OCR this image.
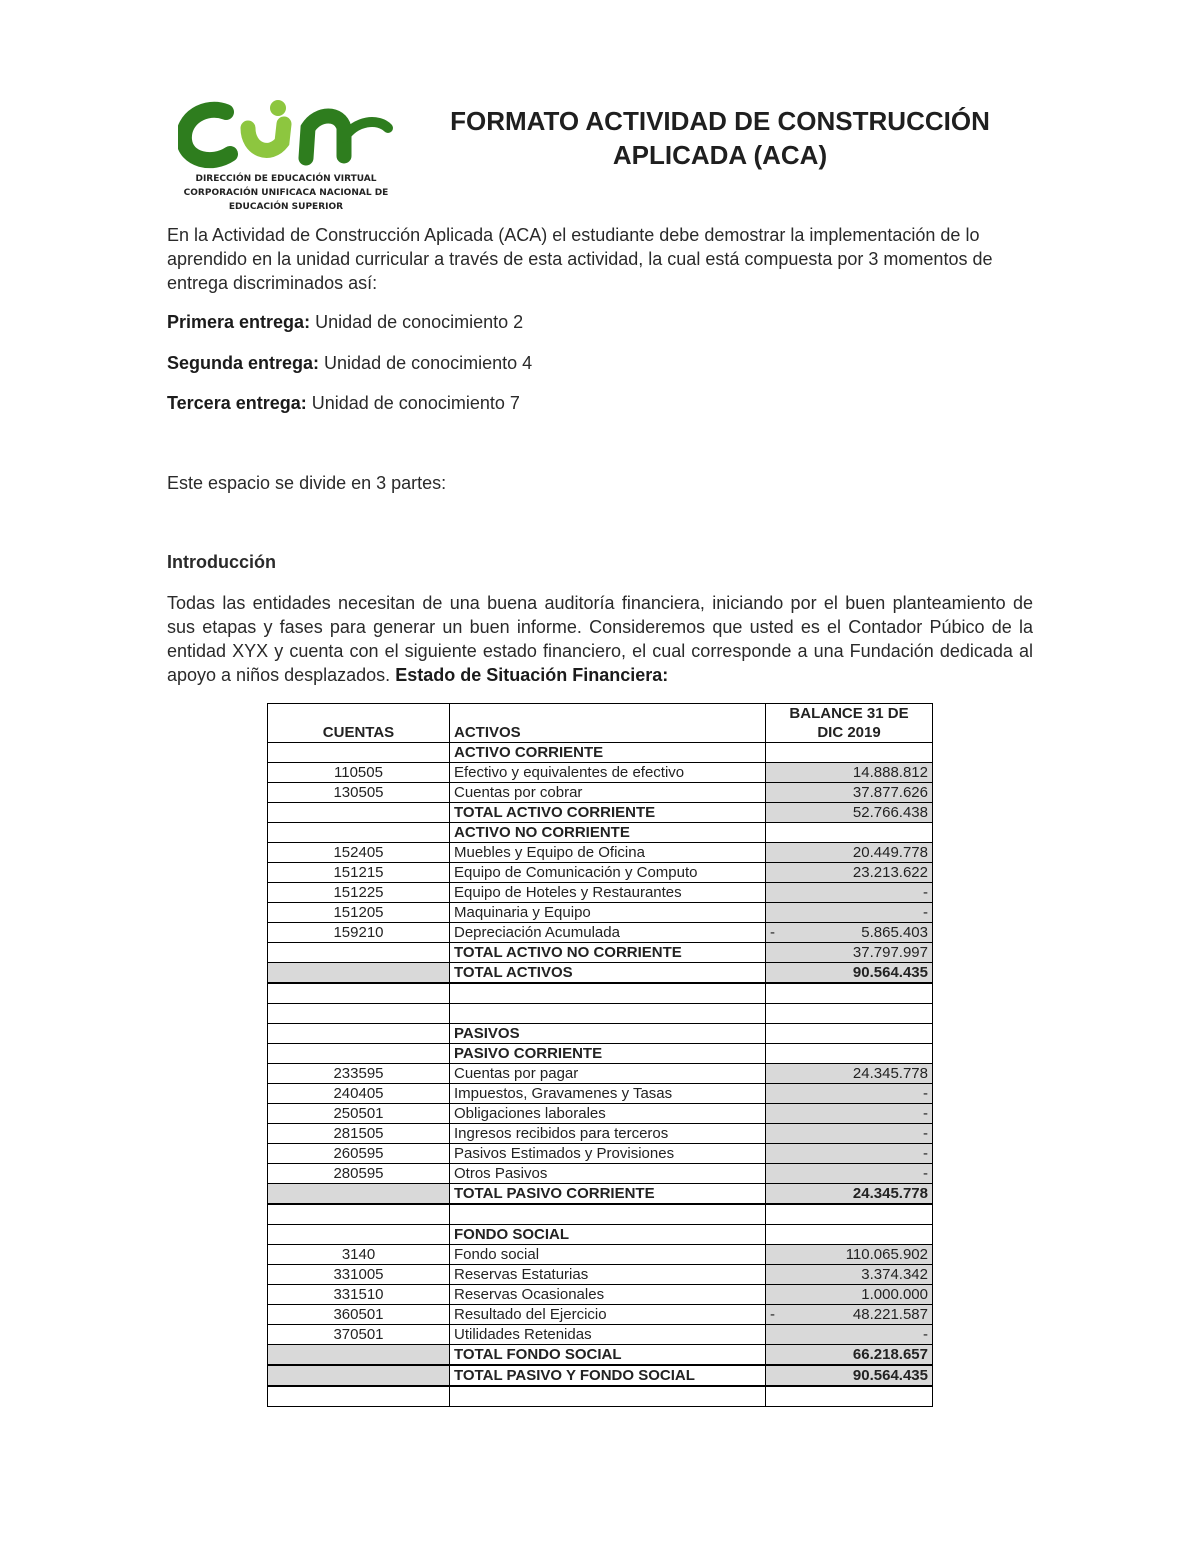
DIRECCIÓN DE EDUCACIÓN VIRTUAL
CORPORACIÓN UNIFICACA NACIONAL DE
EDUCACIÓN SUPERIOR
FORMATO ACTIVIDAD DE CONSTRUCCIÓN
APLICADA (ACA)
En la Actividad de Construcción Aplicada (ACA) el estudiante debe demostrar la implementación de lo aprendido en la unidad curricular a través de esta actividad, la cual está compuesta por 3 momentos de entrega discriminados así:
Primera entrega: Unidad de conocimiento 2
Segunda entrega: Unidad de conocimiento 4
Tercera entrega: Unidad de conocimiento 7
Este espacio se divide en 3 partes:
Introducción
Todas las entidades necesitan de una buena auditoría financiera, iniciando por el buen planteamiento de sus etapas y fases para generar un buen informe. Consideremos que usted es el Contador Púbico de la entidad XYX y cuenta con el siguiente estado financiero, el cual corresponde a una Fundación dedicada al apoyo a niños desplazados. Estado de Situación Financiera:
CUENTAS	ACTIVOS	BALANCE 31 DE
DIC 2019

	ACTIVO CORRIENTE	
110505	Efectivo y equivalentes de efectivo	14.888.812
130505	Cuentas por cobrar	37.877.626
	TOTAL ACTIVO CORRIENTE	52.766.438
	ACTIVO NO CORRIENTE	
152405	Muebles y Equipo de Oficina	20.449.778
151215	Equipo de Comunicación y Computo	23.213.622
151225	Equipo de Hoteles y Restaurantes	-
151205	Maquinaria y Equipo	-
159210	Depreciación Acumulada	- 5.865.403
	TOTAL ACTIVO NO CORRIENTE	37.797.997
	TOTAL ACTIVOS	90.564.435

	PASIVOS	
	PASIVO CORRIENTE	
233595	Cuentas por pagar	24.345.778
240405	Impuestos, Gravamenes y Tasas	-
250501	Obligaciones laborales	-
281505	Ingresos recibidos para terceros	-
260595	Pasivos Estimados y Provisiones	-
280595	Otros Pasivos	-
	TOTAL PASIVO CORRIENTE	24.345.778

	FONDO SOCIAL	
3140	Fondo social	110.065.902
331005	Reservas Estaturias	3.374.342
331510	Reservas Ocasionales	1.000.000
360501	Resultado del Ejercicio	- 48.221.587
370501	Utilidades Retenidas	-
	TOTAL FONDO SOCIAL	66.218.657
	TOTAL PASIVO Y FONDO SOCIAL	90.564.435
